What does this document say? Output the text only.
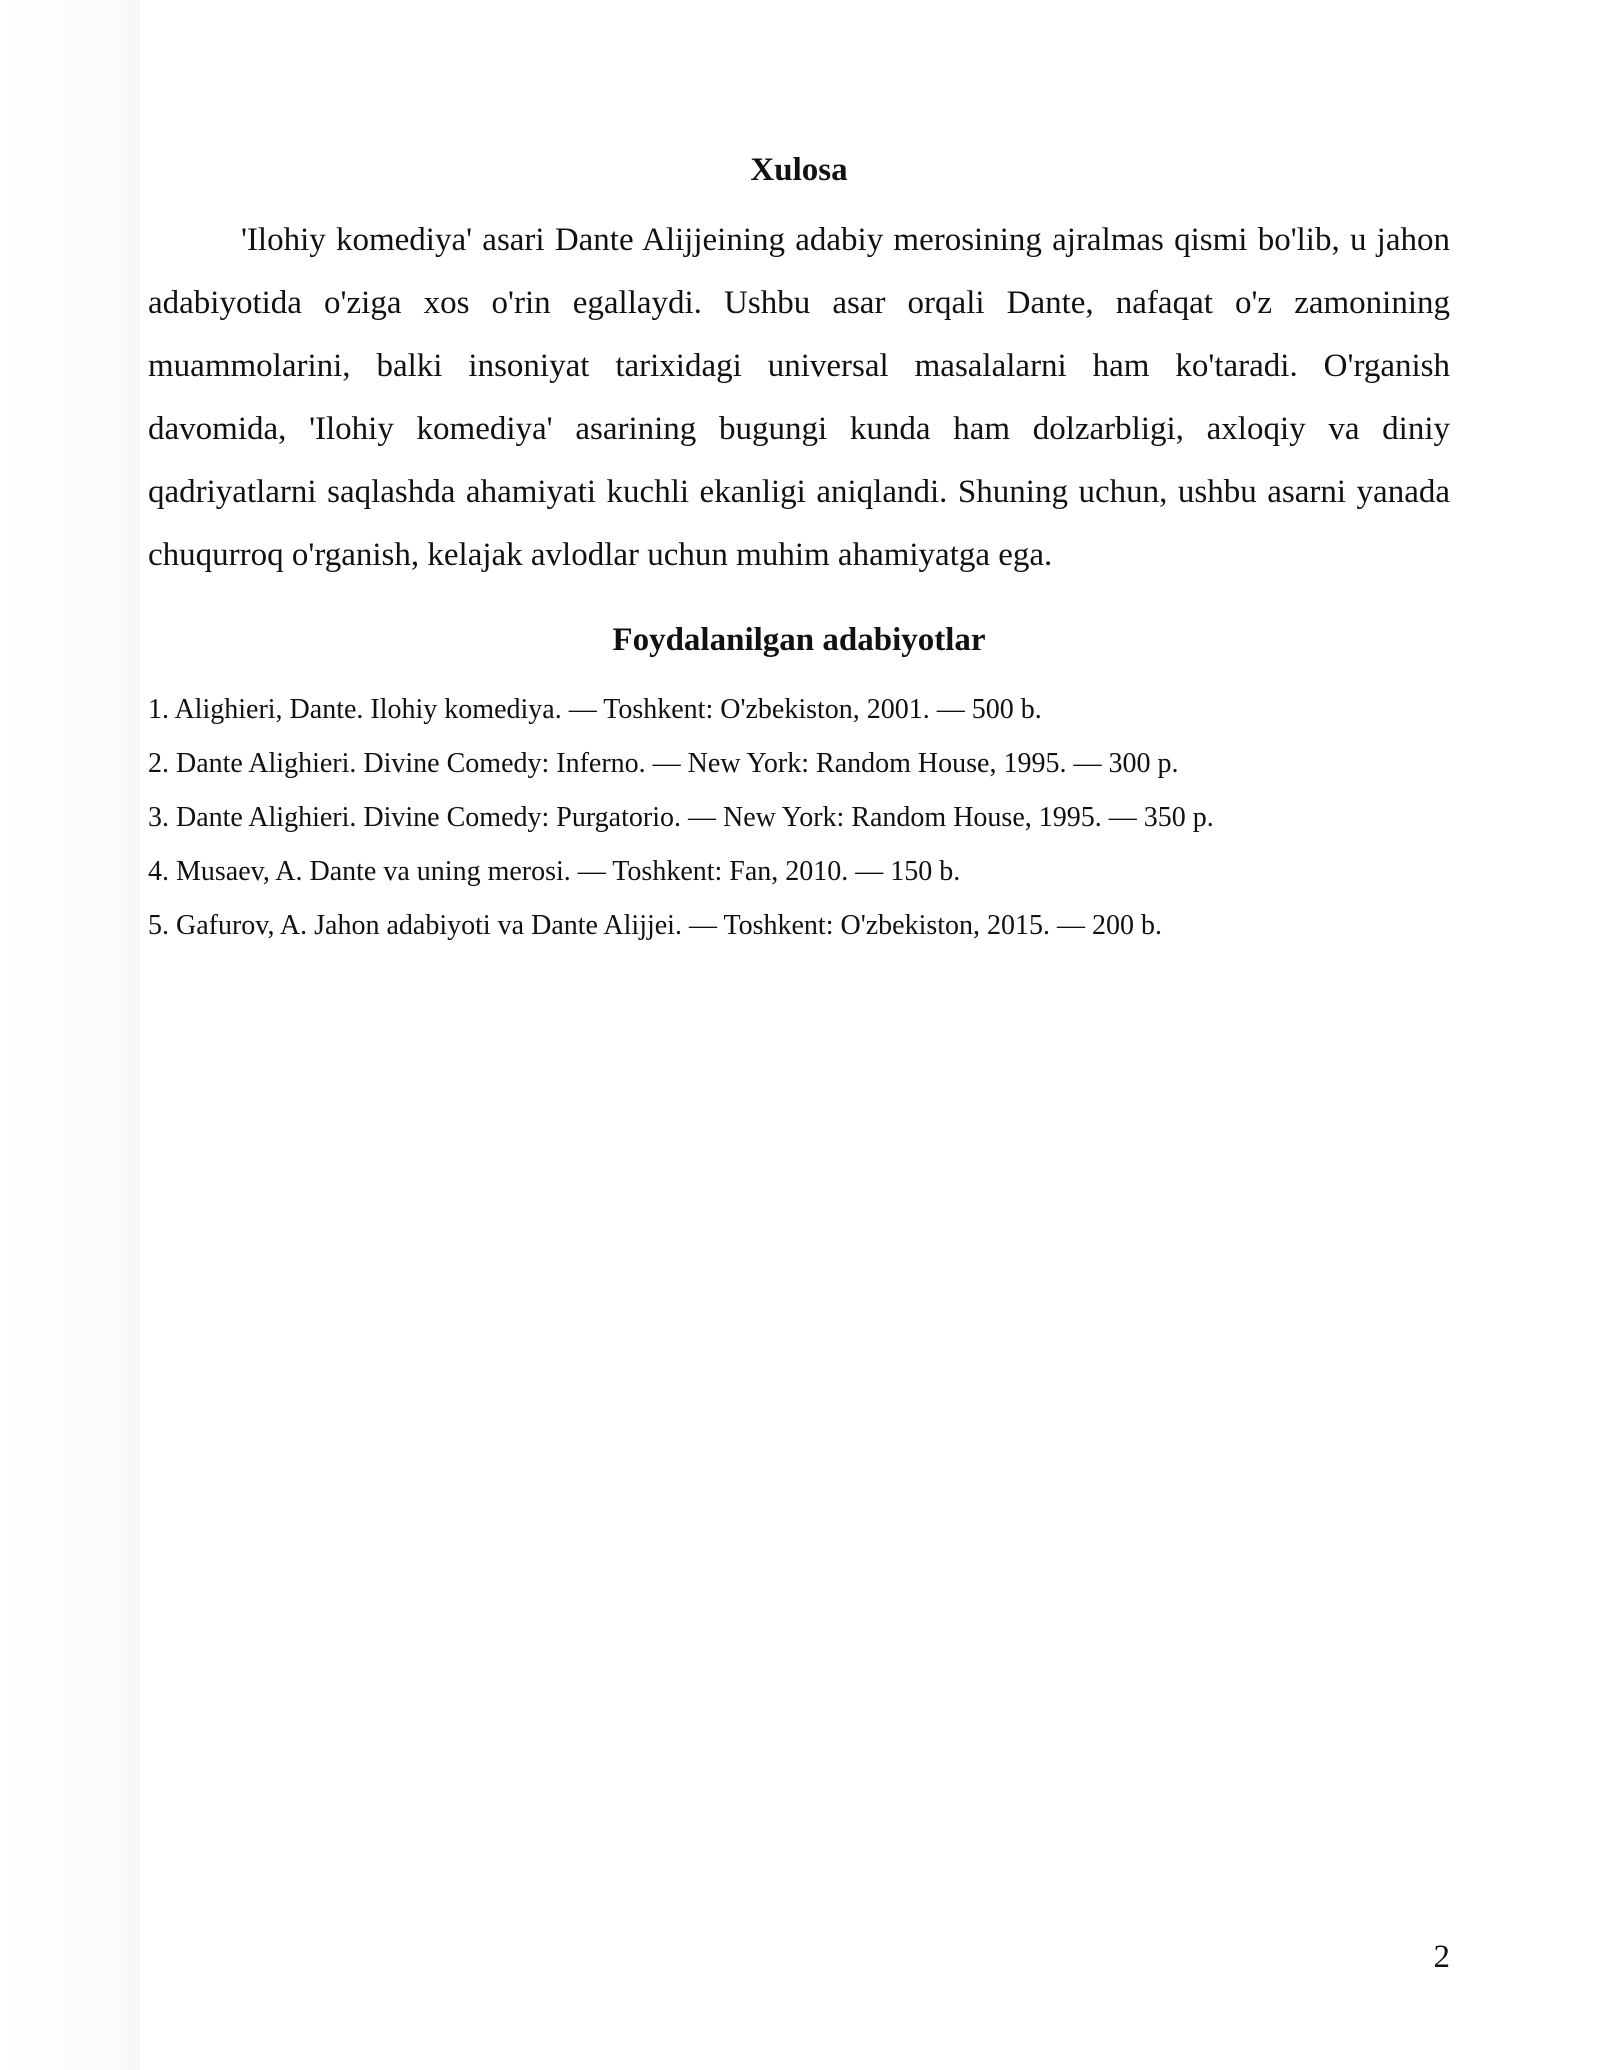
Xulosa

'Ilohiy komediya' asari Dante Alijjeining adabiy merosining ajralmas qismi bo'lib, u jahon adabiyotida o'ziga xos o'rin egallaydi. Ushbu asar orqali Dante, nafaqat o'z zamonining muammolarini, balki insoniyat tarixidagi universal masalalarni ham ko'taradi. O'rganish davomida, 'Ilohiy komediya' asarining bugungi kunda ham dolzarbligi, axloqiy va diniy qadriyatlarni saqlashda ahamiyati kuchli ekanligi aniqlandi. Shuning uchun, ushbu asarni yanada chuqurroq o'rganish, kelajak avlodlar uchun muhim ahamiyatga ega.

Foydalanilgan adabiyotlar
1. Alighieri, Dante. Ilohiy komediya. — Toshkent: O'zbekiston, 2001. — 500 b.
2. Dante Alighieri. Divine Comedy: Inferno. — New York: Random House, 1995. — 300 p.
3. Dante Alighieri. Divine Comedy: Purgatorio. — New York: Random House, 1995. — 350 p.
4. Musaev, A. Dante va uning merosi. — Toshkent: Fan, 2010. — 150 b.
5. Gafurov, A. Jahon adabiyoti va Dante Alijjei. — Toshkent: O'zbekiston, 2015. — 200 b.
2
